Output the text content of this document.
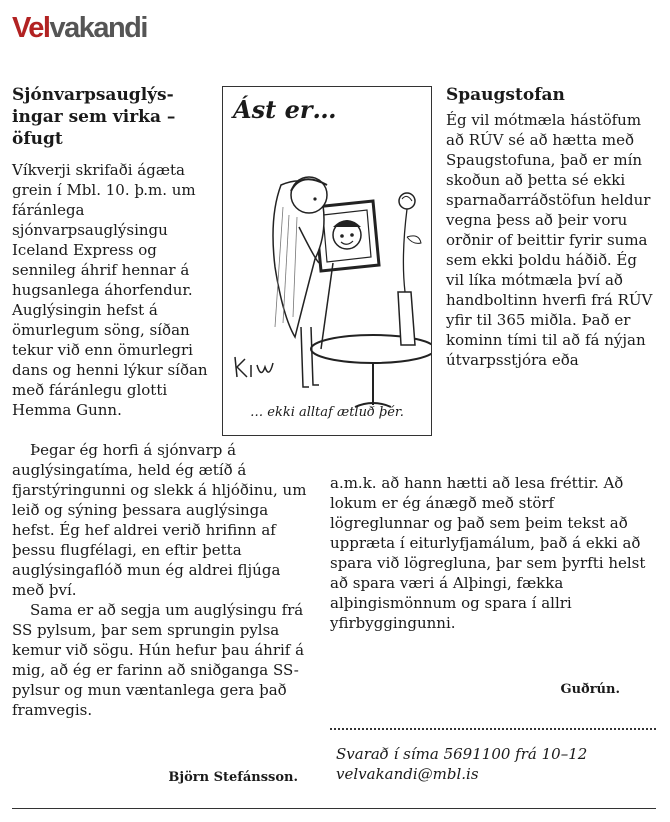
Velvakandi
Sjónvarpsauglýsingar sem virka – öfugt

Víkverji skrifaði ágæta grein í Mbl. 10. þ.m. um fáránlega sjónvarpsauglýsingu Iceland Express og sennileg áhrif hennar á hugsanlega áhorfendur. Auglýsingin hefst á ömurlegum söng, síðan tekur við enn ömurlegri dans og henni lýkur síðan með fáránlegu glotti Hemma Gunn.

Þegar ég horfi á sjónvarp á auglýsingatíma, held ég ætíð á fjarstýringunni og slekk á hljóðinu, um leið og sýning þessara auglýsinga hefst. Ég hef aldrei verið hrifinn af þessu flugfélagi, en eftir þetta auglýsingaflóð mun ég aldrei fljúga með því.

Sama er að segja um auglýsingu frá SS pylsum, þar sem sprungin pylsa kemur við sögu. Hún hefur þau áhrif á mig, að ég er farinn að sniðganga SS-pylsur og mun væntanlega gera það framvegis.

Björn Stefánsson.
Ást er…
… ekki alltaf ætluð þér.
Spaugstofan

Ég vil mótmæla hástöfum að RÚV sé að hætta með Spaugstofuna, það er mín skoðun að þetta sé ekki sparnaðarráðstöfun heldur vegna þess að þeir voru orðnir of beittir fyrir suma sem ekki þoldu háðið. Ég vil líka mótmæla því að handboltinn hverfi frá RÚV yfir til 365 miðla. Það er kominn tími til að fá nýjan útvarpsstjóra eða

a.m.k. að hann hætti að lesa fréttir. Að lokum er ég ánægð með störf lögreglunnar og það sem þeim tekst að uppræta í eiturlyfjamálum, það á ekki að spara við lögregluna, þar sem þyrfti helst að spara væri á Alþingi, fækka alþingismönnum og spara í allri yfirbyggingunni.

Guðrún.
Svarað í síma 5691100 frá 10–12
velvakandi@mbl.is
